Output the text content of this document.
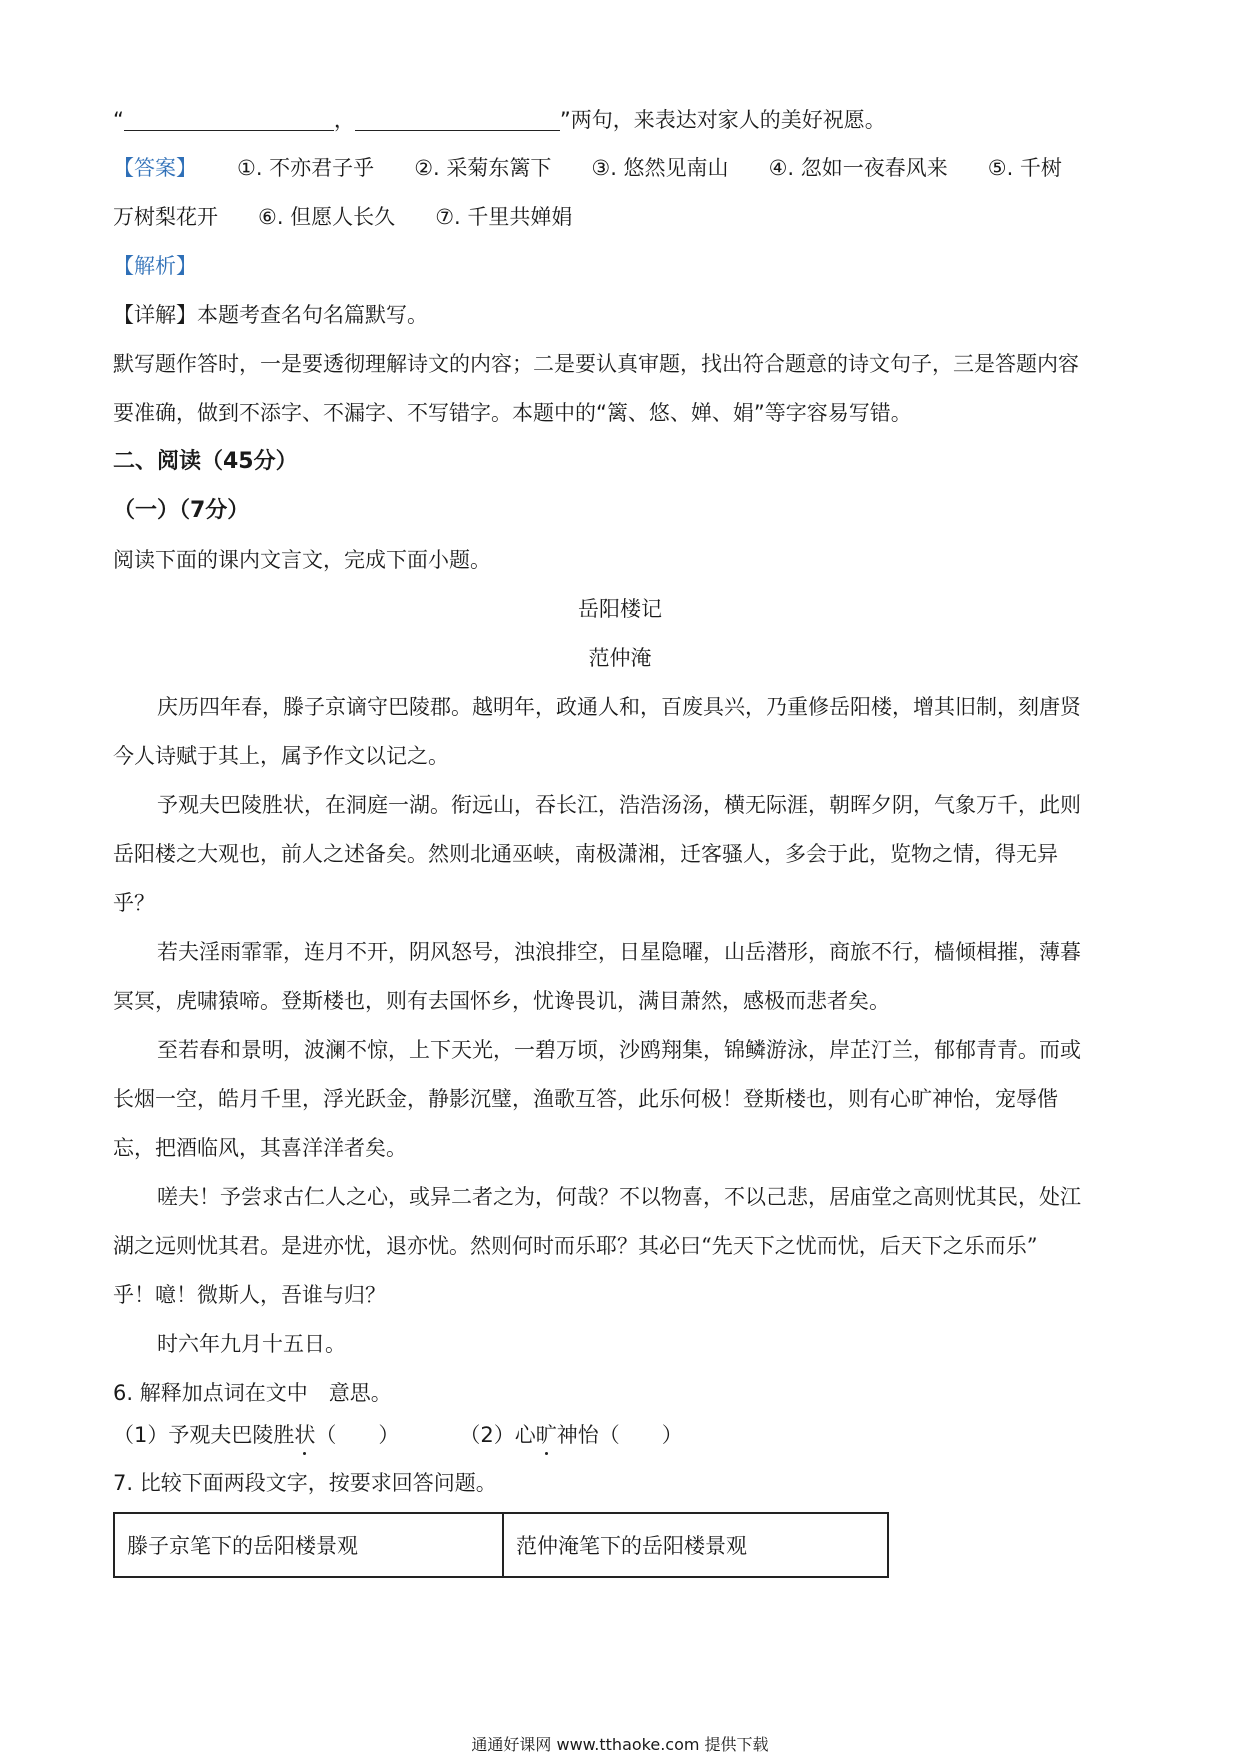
“	，	”两句，来表达对家人的美好祝愿。
【答案】 ①. 不亦君子乎 ②. 采菊东篱下 ③. 悠然见南山 ④. 忽如一夜春风来 ⑤. 千树
万树梨花开 ⑥. 但愿人长久 ⑦. 千里共婵娟
【解析】
【详解】本题考查名句名篇默写。
默写题作答时，一是要透彻理解诗文的内容；二是要认真审题，找出符合题意的诗文句子，三是答题内容
要准确，做到不添字、不漏字、不写错字。本题中的“篱、悠、婵、娟”等字容易写错。
二、阅读（45分）
（一）（7分）
阅读下面的课内文言文，完成下面小题。
岳阳楼记
范仲淹
庆历四年春，滕子京谪守巴陵郡。越明年，政通人和，百废具兴，乃重修岳阳楼，增其旧制，刻唐贤
今人诗赋于其上，属予作文以记之。
予观夫巴陵胜状，在洞庭一湖。衔远山，吞长江，浩浩汤汤，横无际涯，朝晖夕阴，气象万千，此则
岳阳楼之大观也，前人之述备矣。然则北通巫峡，南极潇湘，迁客骚人，多会于此，览物之情，得无异
乎？
若夫淫雨霏霏，连月不开，阴风怒号，浊浪排空，日星隐曜，山岳潜形，商旅不行，樯倾楫摧，薄暮
冥冥，虎啸猿啼。登斯楼也，则有去国怀乡，忧谗畏讥，满目萧然，感极而悲者矣。
至若春和景明，波澜不惊，上下天光，一碧万顷，沙鸥翔集，锦鳞游泳，岸芷汀兰，郁郁青青。而或
长烟一空，皓月千里，浮光跃金，静影沉璧，渔歌互答，此乐何极！登斯楼也，则有心旷神怡，宠辱偕
忘，把酒临风，其喜洋洋者矣。
嗟夫！予尝求古仁人之心，或异二者之为，何哉？不以物喜，不以己悲，居庙堂之高则忧其民，处江
湖之远则忧其君。是进亦忧，退亦忧。然则何时而乐耶？其必曰“先天下之忧而忧，后天下之乐而乐”
乎！噫！微斯人，吾谁与归？
时六年九月十五日。
6. 解释加点词在文中　意思。
（1）予观夫巴陵胜状（　　）	（2）心旷神怡（　　）
7. 比较下面两段文字，按要求回答问题。
滕子京笔下的岳阳楼景观	范仲淹笔下的岳阳楼景观
通通好课网 www.tthaoke.com 提供下载
